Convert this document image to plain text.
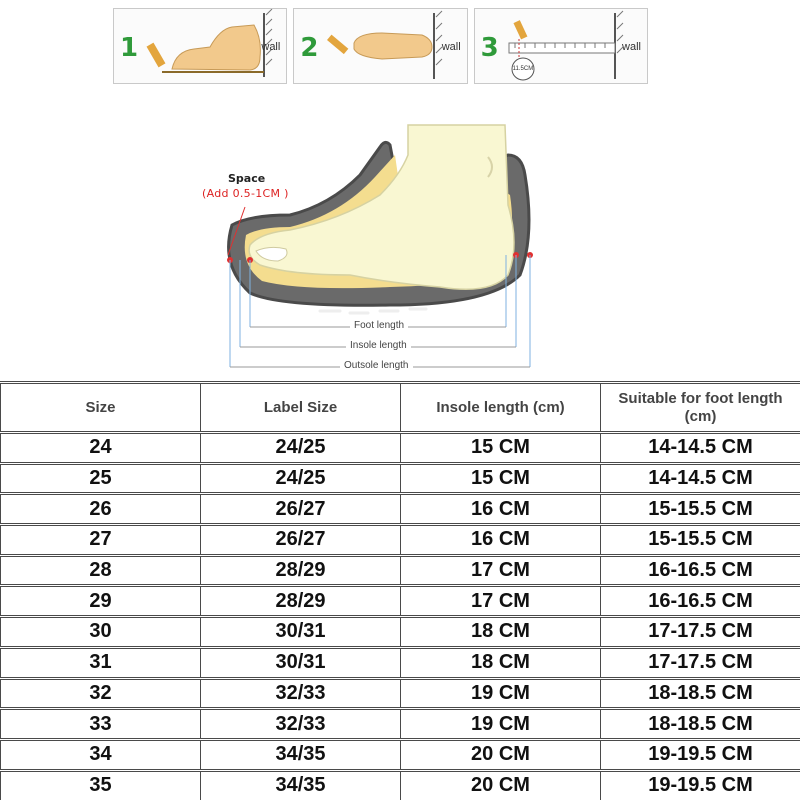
1	wall 2	wall 3	wall
11.5CM
Space
(Add 0.5-1CM )
Foot length
Insole length
Outsole length
Size	Label Size	Insole length (cm)	Suitable for foot length (cm)
24	24/25	15 CM	14-14.5 CM
25	24/25	15 CM	14-14.5 CM
26	26/27	16 CM	15-15.5 CM
27	26/27	16 CM	15-15.5 CM
28	28/29	17 CM	16-16.5 CM
29	28/29	17 CM	16-16.5 CM
30	30/31	18 CM	17-17.5 CM
31	30/31	18 CM	17-17.5 CM
32	32/33	19 CM	18-18.5 CM
33	32/33	19 CM	18-18.5 CM
34	34/35	20 CM	19-19.5 CM
35	34/35	20 CM	19-19.5 CM
